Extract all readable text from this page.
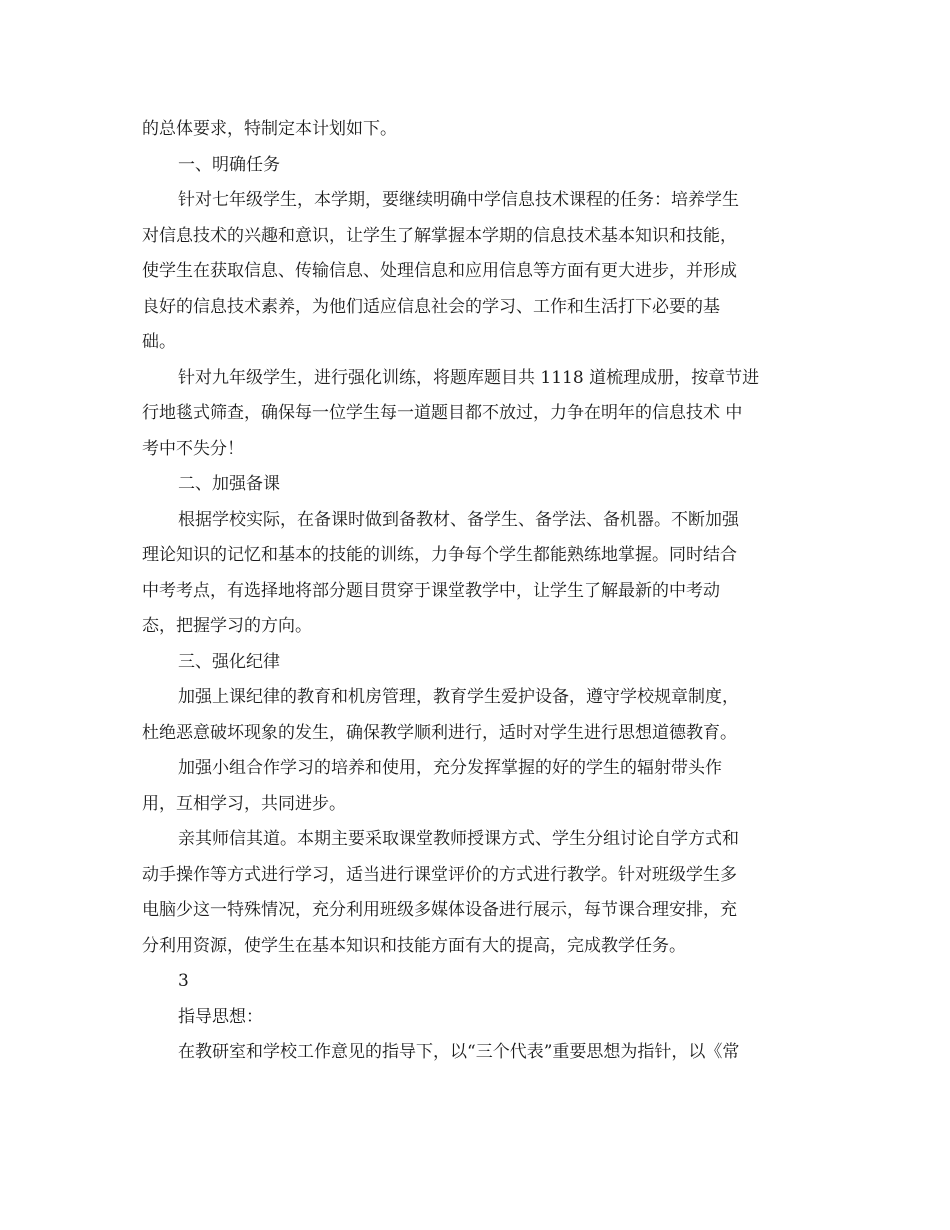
的总体要求，特制定本计划如下。

一、明确任务

针对七年级学生，本学期，要继续明确中学信息技术课程的任务：培养学生

对信息技术的兴趣和意识，让学生了解掌握本学期的信息技术基本知识和技能，

使学生在获取信息、传输信息、处理信息和应用信息等方面有更大进步，并形成

良好的信息技术素养，为他们适应信息社会的学习、工作和生活打下必要的基

础。

针对九年级学生，进行强化训练，将题库题目共 1118 道梳理成册，按章节进

行地毯式筛查，确保每一位学生每一道题目都不放过，力争在明年的信息技术 中

考中不失分！

二、加强备课

根据学校实际，在备课时做到备教材、备学生、备学法、备机器。不断加强

理论知识的记忆和基本的技能的训练，力争每个学生都能熟练地掌握。同时结合

中考考点，有选择地将部分题目贯穿于课堂教学中，让学生了解最新的中考动

态，把握学习的方向。

三、强化纪律

加强上课纪律的教育和机房管理，教育学生爱护设备，遵守学校规章制度，

杜绝恶意破坏现象的发生，确保教学顺利进行，适时对学生进行思想道德教育。

加强小组合作学习的培养和使用，充分发挥掌握的好的学生的辐射带头作

用，互相学习，共同进步。

亲其师信其道。本期主要采取课堂教师授课方式、学生分组讨论自学方式和

动手操作等方式进行学习，适当进行课堂评价的方式进行教学。针对班级学生多

电脑少这一特殊情况，充分利用班级多媒体设备进行展示，每节课合理安排，充

分利用资源，使学生在基本知识和技能方面有大的提高，完成教学任务。

3

指导思想：

在教研室和学校工作意见的指导下，以“三个代表”重要思想为指针，以《常
